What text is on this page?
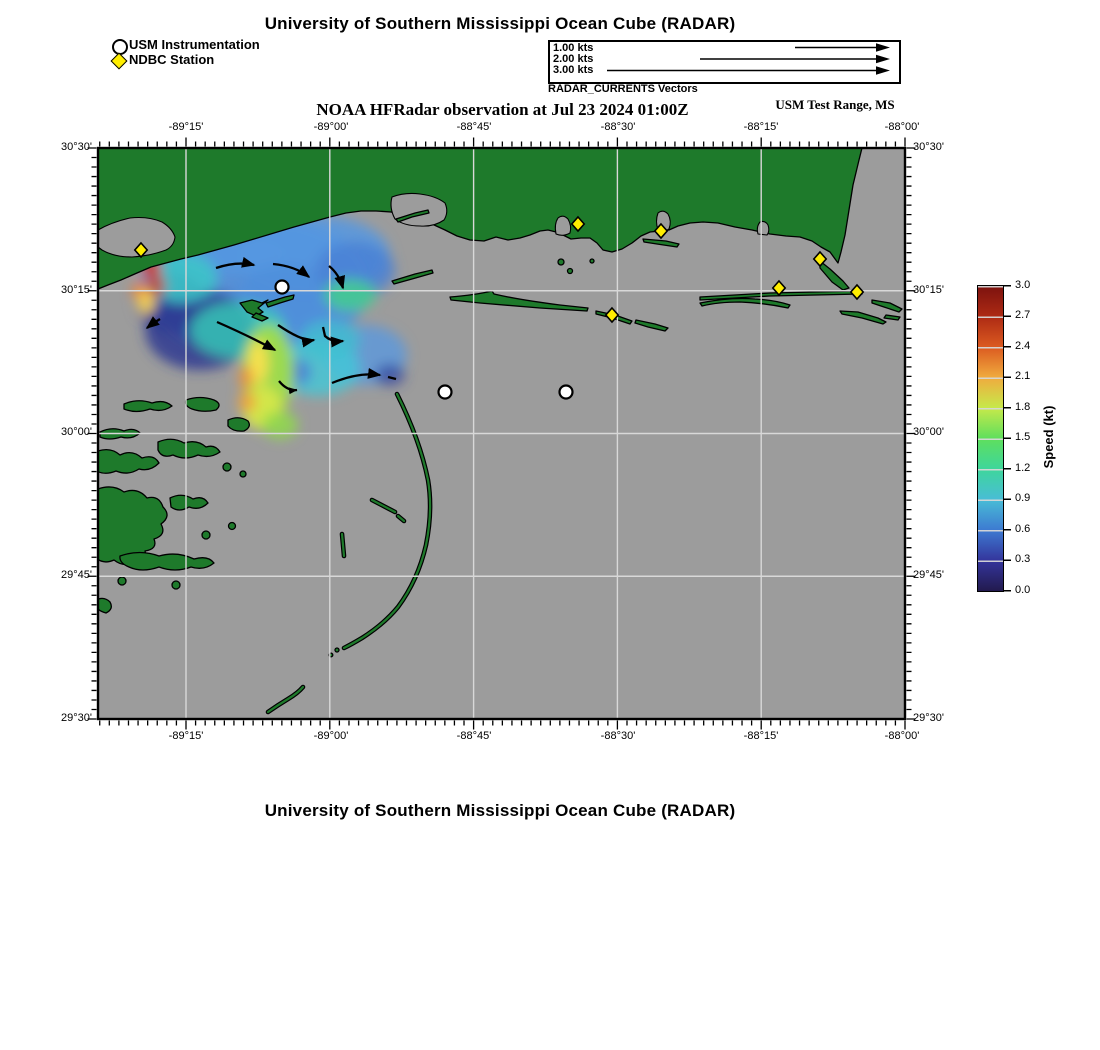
University of Southern Mississippi Ocean Cube (RADAR)
USM Instrumentation
NDBC Station
1.00 kts
2.00 kts
3.00 kts
RADAR_CURRENTS Vectors
NOAA HFRadar observation at Jul 23 2024 01:00Z	USM Test Range, MS
-89°15'	-89°00'	-88°45'	-88°30'	-88°15'	-88°00'
-89°15'	-89°00'	-88°45'	-88°30'	-88°15'	-88°00'
30°30'
30°15'
30°00'
29°45'
29°30'
30°30'
30°15'
30°00'
29°45'
29°30'
3.0
2.7
2.4
2.1
1.8
1.5
1.2
0.9
0.6
0.3
0.0
Speed (kt)
University of Southern Mississippi Ocean Cube (RADAR)
